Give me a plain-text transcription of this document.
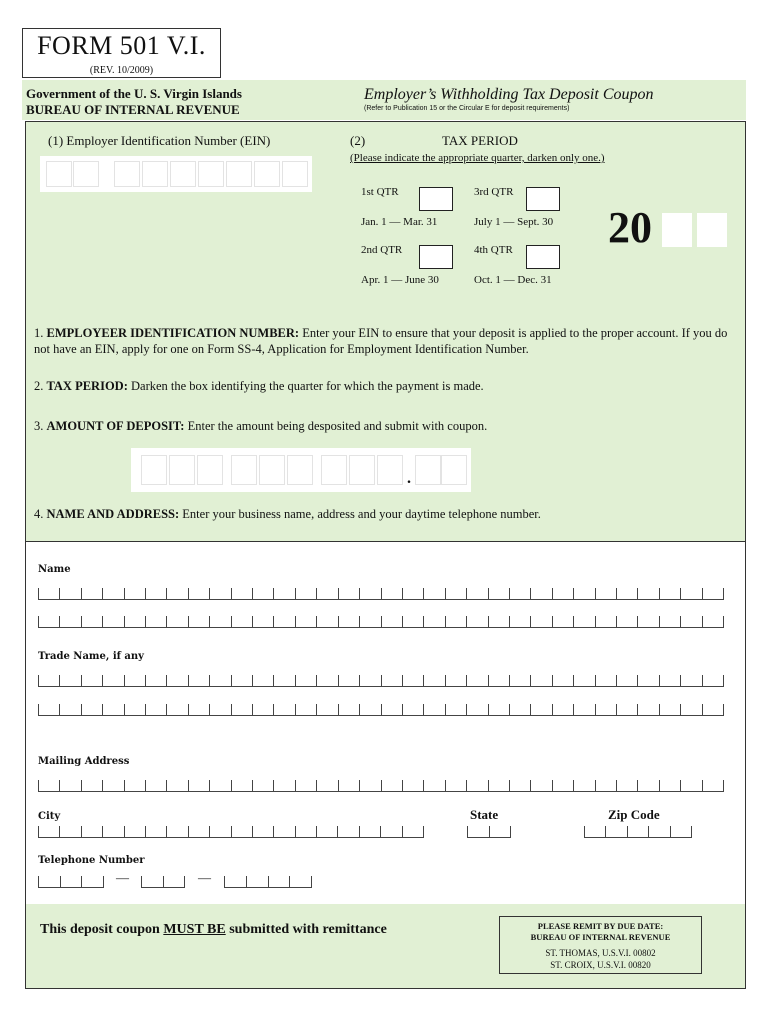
FORM 501 V.I.
(REV. 10/2009)
Government of the U. S. Virgin Islands
BUREAU OF INTERNAL REVENUE
Employer’s Withholding Tax Deposit Coupon
(Refer to Publication 15 or the Circular E for deposit requirements)
(1) Employer Identification Number (EIN)	(2)	TAX PERIOD
(Please indicate the appropriate quarter, darken only one.)
1st QTR
Jan. 1 — Mar. 31
2nd QTR
Apr. 1 — June 30
3rd QTR
July 1 — Sept. 30
4th QTR
Oct. 1 — Dec. 31
20
1. EMPLOYEER IDENTIFICATION NUMBER: Enter your EIN to ensure that your deposit is applied to the proper account. If you do not have an EIN, apply for one on Form SS-4, Application for Employment Identification Number.
2. TAX PERIOD: Darken the box identifying the quarter for which the payment is made.
3. AMOUNT OF DEPOSIT: Enter the amount being desposited and submit with coupon.
.
4. NAME AND ADDRESS: Enter your business name, address and your daytime telephone number.
Name
Trade Name, if any
Mailing Address
City	State	Zip Code
Telephone Number
—	—
This deposit coupon MUST BE submitted with remittance	PLEASE REMIT BY DUE DATE:
BUREAU OF INTERNAL REVENUE
ST. THOMAS, U.S.V.I. 00802
ST. CROIX, U.S.V.I. 00820
